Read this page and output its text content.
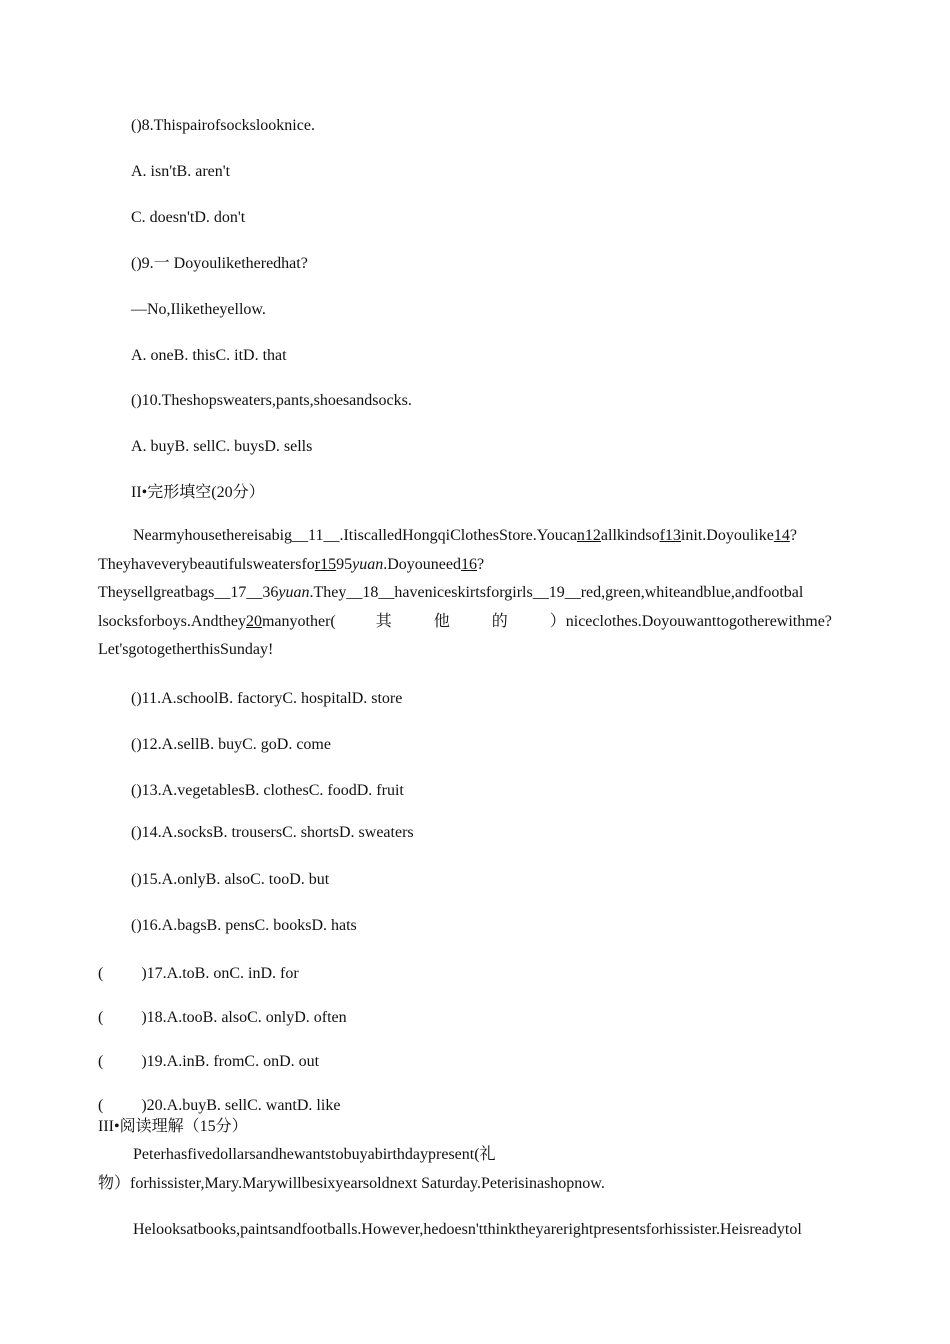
()8.Thispairofsockslooknice.
A. isn'tB. aren't
C. doesn'tD. don't
()9.一 Doyouliketheredhat?
—No,Iliketheyellow.
A. oneB. thisC. itD. that
()10.Theshopsweaters,pants,shoesandsocks.
A. buyB. sellC. buysD. sells
II•完形填空(20分）
Nearmyhousethereisabig__11__.ItiscalledHongqiClothesStore.Youcan12allkindsof13init.Doyoulike14?
Theyhaveverybeautifulsweatersfor1595yuan.Doyouneed16?
Theysellgreatbags__17__36yuan.They__18__haveniceskirtsforgirls__19__red,green,whiteandblue,andfootbal
lsocksforboys.Andthey20manyother(	其他的）niceclothes.Doyouwanttogotherewithme?
Let'sgotogetherthisSunday!
()11.A.schoolB. factoryC. hospitalD. store
()12.A.sellB. buyC. goD. come
()13.A.vegetablesB. clothesC. foodD. fruit
()14.A.socksB. trousersC. shortsD. sweaters
()15.A.onlyB. alsoC. tooD. but
()16.A.bagsB. pensC. booksD. hats
( )17.A.toB. onC. inD. for
( )18.A.tooB. alsoC. onlyD. often
( )19.A.inB. fromC. onD. out
( )20.A.buyB. sellC. wantD. like
III•阅读理解（15分）
Peterhasfivedollarsandhewantstobuyabirthdaypresent(礼
物）forhissister,Mary.Marywillbesixyearsoldnext Saturday.Peterisinashopnow.
Helooksatbooks,paintsandfootballs.However,hedoesn'tthinktheyarerightpresentsforhissister.Heisreadytol
